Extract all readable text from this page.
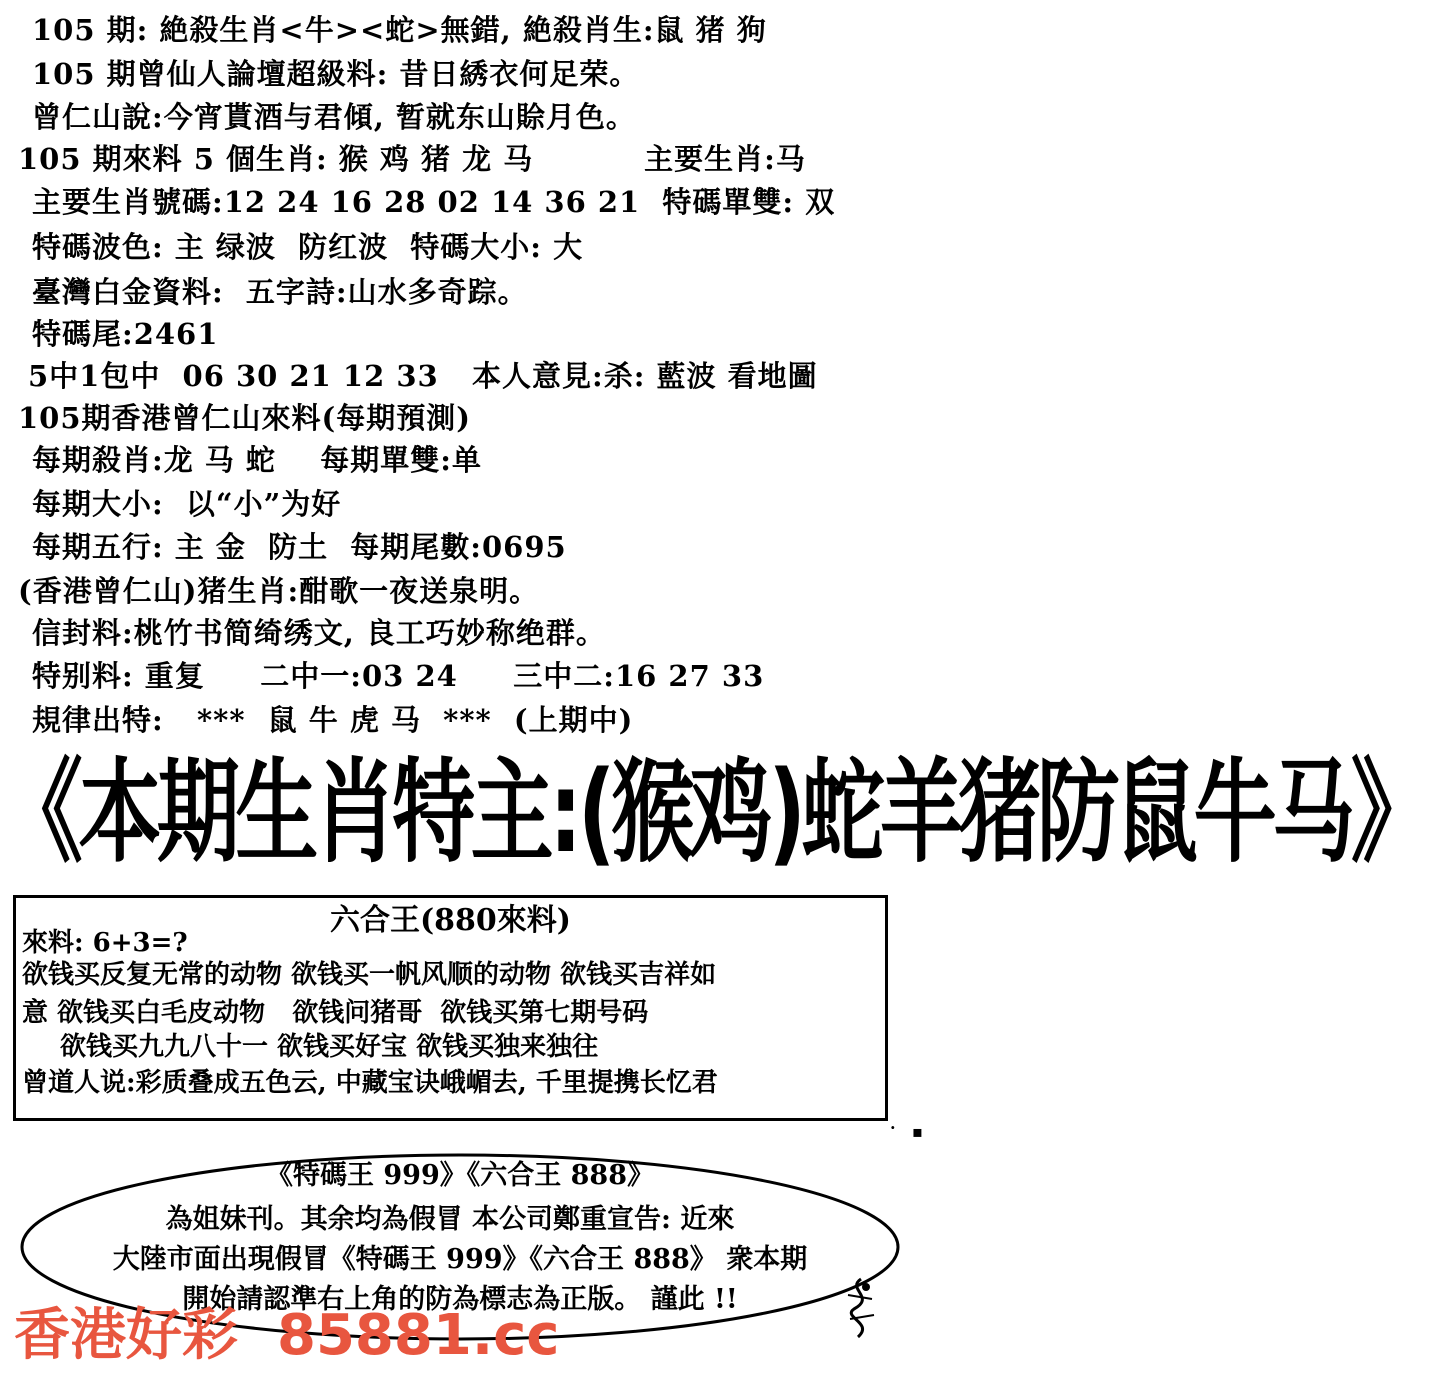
105 期: 絶殺生肖<牛><蛇>無錯, 絶殺肖生:鼠 猪 狗
105 期曾仙人論壇超級料: 昔日綉衣何足荣。
曾仁山說:今宵貰酒与君傾, 暂就东山賒月色。
105 期來料 5 個生肖: 猴 鸡 猪 龙 马          主要生肖:马
主要生肖號碼:12 24 16 28 02 14 36 21  特碼單雙: 双
特碼波色: 主 绿波  防红波  特碼大小: 大
臺灣白金資料:  五字詩:山水多奇踪。
特碼尾:2461
5中1包中  06 30 21 12 33   本人意見:杀: 藍波 看地圖
105期香港曾仁山來料(每期預測)
每期殺肖:龙 马 蛇    每期單雙:单
每期大小:  以“小”为好
每期五行: 主 金  防土  每期尾數:0695
(香港曾仁山)猪生肖:酣歌一夜送泉明。
信封料:桃竹书简绮绣文, 良工巧妙称绝群。
特别料: 重复     二中一:03 24     三中二:16 27 33
規律出特:   ***  鼠 牛 虎 马  ***  (上期中)
《本期生肖特主:(猴鸡)蛇羊猪防鼠牛马》
六合王(880來料)
來料: 6+3=?
欲钱买反复无常的动物 欲钱买一帆风顺的动物 欲钱买吉祥如
意 欲钱买白毛皮动物   欲钱问猪哥  欲钱买第七期号码
欲钱买九九八十一 欲钱买好宝 欲钱买独来独往
曾道人说:彩质叠成五色云, 中藏宝诀峨嵋去, 千里提携长忆君
· ▪
《特碼王 999》《六合王 888》
為姐妹刊。其余均為假冒 本公司鄭重宣告: 近來
大陸市面出現假冒《特碼王 999》《六合王 888》 衆本期
開始請認準右上角的防為標志為正版。 謹此 !!
香港好彩  85881.cc
